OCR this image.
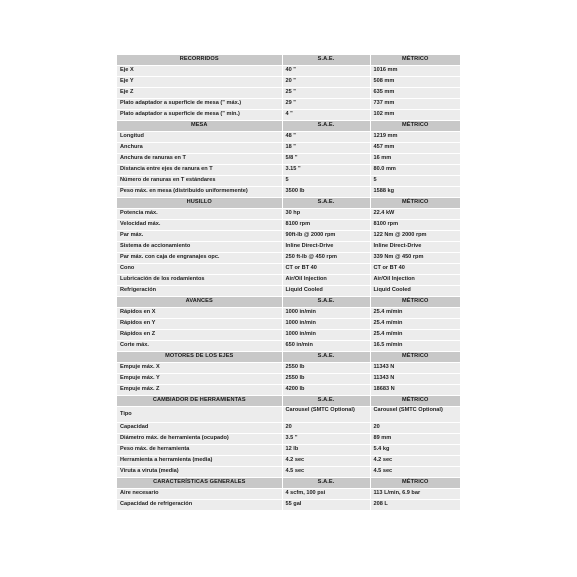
RECORRIDOS	S.A.E.	MÉTRICO
Eje X	40 "	1016 mm
Eje Y	20 "	508 mm
Eje Z	25 "	635 mm
Plato adaptador a superficie de mesa (" máx.)	29 "	737 mm
Plato adaptador a superficie de mesa (" mín.)	4 "	102 mm
MESA	S.A.E.	MÉTRICO
Longitud	48 "	1219 mm
Anchura	18 "	457 mm
Anchura de ranuras en T	5/8 "	16 mm
Distancia entre ejes de ranura en T	3.15 "	80.0 mm
Número de ranuras en T estándares	5	5
Peso máx. en mesa (distribuido uniformemente)	3500 lb	1588 kg
HUSILLO	S.A.E.	MÉTRICO
Potencia máx.	30 hp	22.4 kW
Velocidad máx.	8100 rpm	8100 rpm
Par máx.	90ft-lb @ 2000 rpm	122 Nm @ 2000 rpm
Sistema de accionamiento	Inline Direct-Drive	Inline Direct-Drive
Par máx. con caja de engranajes opc.	250 ft-lb @ 450 rpm	339 Nm @ 450 rpm
Cono	CT or BT 40	CT or BT 40
Lubricación de los rodamientos	Air/Oil Injection	Air/Oil Injection
Refrigeración	Liquid Cooled	Liquid Cooled
AVANCES	S.A.E.	MÉTRICO
Rápidos en X	1000 in/min	25.4 m/min
Rápidos en Y	1000 in/min	25.4 m/min
Rápidos en Z	1000 in/min	25.4 m/min
Corte máx.	650 in/min	16.5 m/min
MOTORES DE LOS EJES	S.A.E.	MÉTRICO
Empuje máx. X	2550 lb	11343 N
Empuje máx. Y	2550 lb	11343 N
Empuje máx. Z	4200 lb	18683 N
CAMBIADOR DE HERRAMIENTAS	S.A.E.	MÉTRICO
Tipo	Carousel (SMTC Optional)	Carousel (SMTC Optional)
Capacidad	20	20
Diámetro máx. de herramienta (ocupado)	3.5 "	89 mm
Peso máx. de herramienta	12 lb	5.4 kg
Herramienta a herramienta (media)	4.2 sec	4.2 sec
Viruta a viruta (media)	4.5 sec	4.5 sec
CARACTERÍSTICAS GENERALES	S.A.E.	MÉTRICO
Aire necesario	4 scfm, 100 psi	113 L/min, 6.9 bar
Capacidad de refrigeración	55 gal	208 L
